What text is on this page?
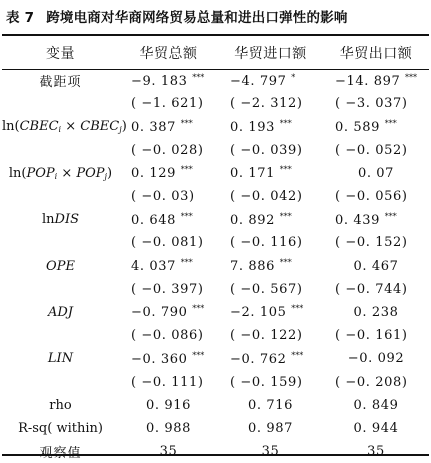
表 7 跨境电商对华商网络贸易总量和进出口弹性的影响
变量	华贸总额	华贸进口额	华贸出口额
截距项	−9. 183 ***	−4. 797 *	−14. 897 ***
	( −1. 621)	( −2. 312)	( −3. 037)
$\ln(CBEC_i$ × $CBEC_j$)	0. 387 ***	0. 193 ***	0. 589 ***
	( −0. 028)	( −0. 039)	( −0. 052)
$\ln(POP_i \times POP_j)$	0. 129 ***	0. 171 ***	0. 07
	( −0. 03)	( −0. 042)	( −0. 056)
lnDIS	0. 648 ***	0. 892 ***	0. 439 ***
	( −0. 081)	( −0. 116)	( −0. 152)
OPE	4. 037 ***	7. 886 ***	0. 467
	( −0. 397)	( −0. 567)	( −0. 744)
ADJ	−0. 790 ***	−2. 105 ***	0. 238
	( −0. 086)	( −0. 122)	( −0. 161)
LIN	−0. 360 ***	−0. 762 ***	−0. 092
	( −0. 111)	( −0. 159)	( −0. 208)
rho	0. 916	0. 716	0. 849
R-sq( within)	0. 988	0. 987	0. 944
观察值	35	35	35
